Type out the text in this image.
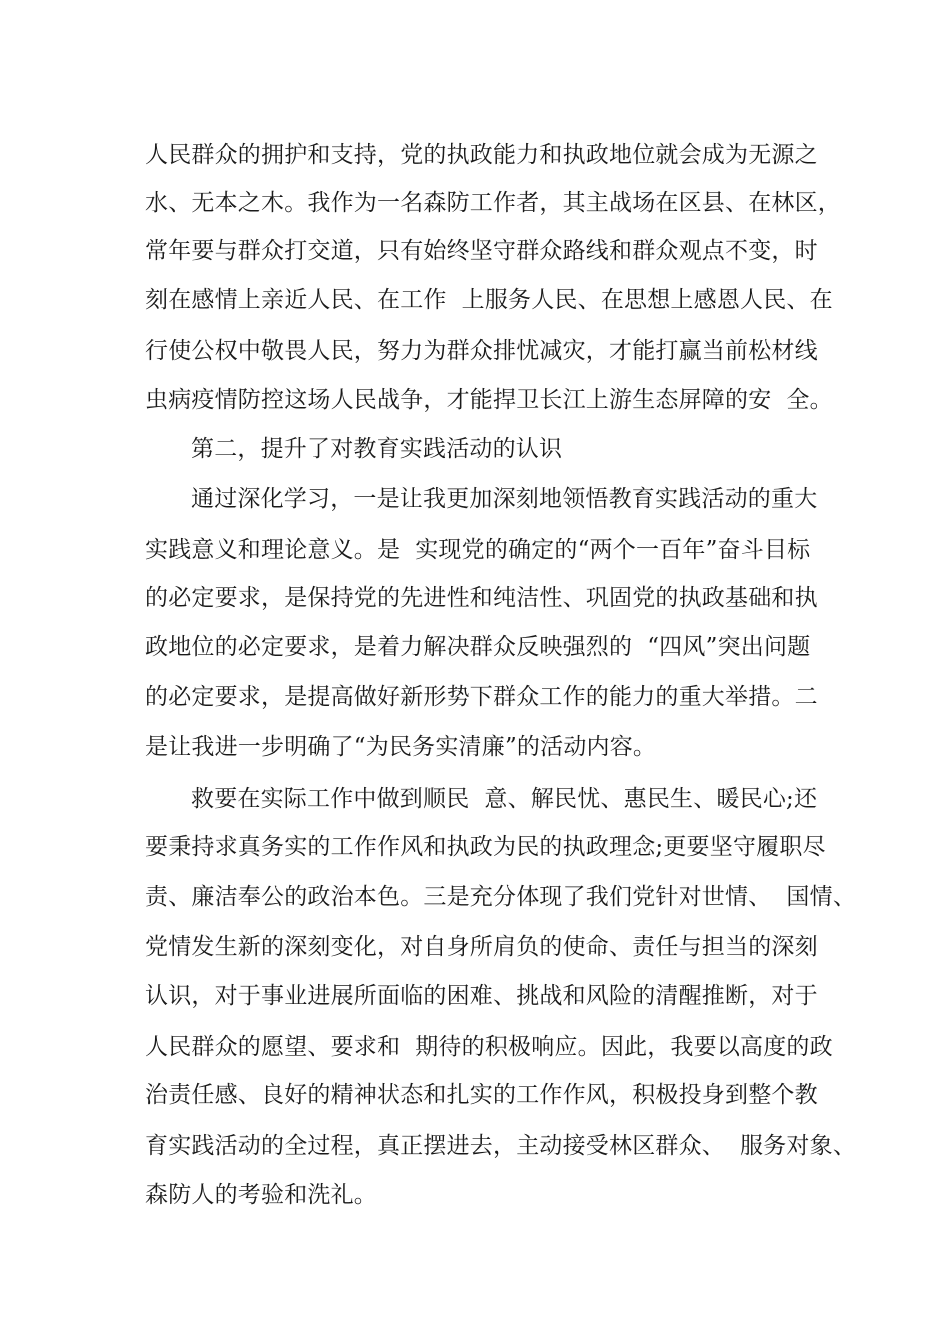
人民群众的拥护和支持，党的执政能力和执政地位就会成为无源之
水、无本之木。我作为一名森防工作者，其主战场在区县、在林区，
常年要与群众打交道，只有始终坚守群众路线和群众观点不变，时
刻在感情上亲近人民、在工作  上服务人民、在思想上感恩人民、在
行使公权中敬畏人民，努力为群众排忧减灾，才能打赢当前松材线
虫病疫情防控这场人民战争，才能捍卫长江上游生态屏障的安  全。
第二，提升了对教育实践活动的认识
通过深化学习，一是让我更加深刻地领悟教育实践活动的重大
实践意义和理论意义。是  实现党的确定的“两个一百年”奋斗目标
的必定要求，是保持党的先进性和纯洁性、巩固党的执政基础和执
政地位的必定要求，是着力解决群众反映强烈的  “四风”突出问题
的必定要求，是提高做好新形势下群众工作的能力的重大举措。二
是让我进一步明确了“为民务实清廉”的活动内容。
救要在实际工作中做到顺民  意、解民忧、惠民生、暖民心;还
要秉持求真务实的工作作风和执政为民的执政理念;更要坚守履职尽
责、廉洁奉公的政治本色。三是充分体现了我们党针对世情、  国情、
党情发生新的深刻变化，对自身所肩负的使命、责任与担当的深刻
认识，对于事业进展所面临的困难、挑战和风险的清醒推断，对于
人民群众的愿望、要求和  期待的积极响应。因此，我要以高度的政
治责任感、良好的精神状态和扎实的工作作风，积极投身到整个教
育实践活动的全过程，真正摆进去，主动接受林区群众、  服务对象、
森防人的考验和洗礼。
